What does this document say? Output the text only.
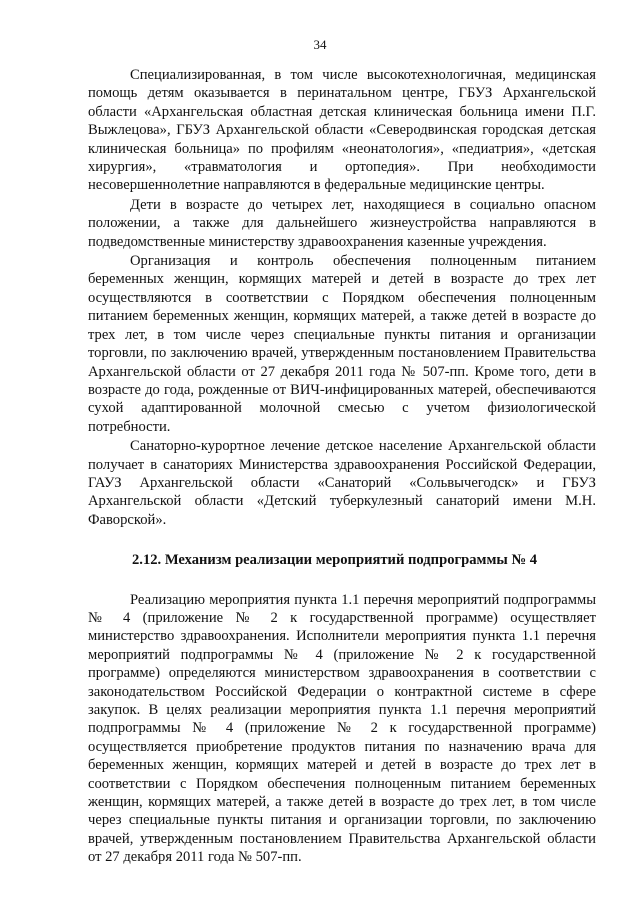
34

Специализированная, в том числе высокотехнологичная, медицинская помощь детям оказывается в перинатальном центре, ГБУЗ Архангельской области «Архангельская областная детская клиническая больница имени П.Г. Выжлецова», ГБУЗ Архангельской области «Северодвинская городская детская клиническая больница» по профилям «неонатология», «педиатрия», «детская хирургия», «травматология и ортопедия». При необходимости несовершеннолетние направляются в федеральные медицинские центры.

Дети в возрасте до четырех лет, находящиеся в социально опасном положении, а также для дальнейшего жизнеустройства направляются в подведомственные министерству здравоохранения казенные учреждения.

Организация и контроль обеспечения полноценным питанием беременных женщин, кормящих матерей и детей в возрасте до трех лет осуществляются в соответствии с Порядком обеспечения полноценным питанием беременных женщин, кормящих матерей, а также детей в возрасте до трех лет, в том числе через специальные пункты питания и организации торговли, по заключению врачей, утвержденным постановлением Правительства Архангельской области от 27 декабря 2011 года № 507-пп. Кроме того, дети в возрасте до года, рожденные от ВИЧ-инфицированных матерей, обеспечиваются сухой адаптированной молочной смесью с учетом физиологической потребности.

Санаторно-курортное лечение детское население Архангельской области получает в санаториях Министерства здравоохранения Российской Федерации, ГАУЗ Архангельской области «Санаторий «Сольвычегодск» и ГБУЗ Архангельской области «Детский туберкулезный санаторий имени М.Н. Фаворской».

2.12. Механизм реализации мероприятий подпрограммы № 4

Реализацию мероприятия пункта 1.1 перечня мероприятий подпрограммы № 4 (приложение № 2 к государственной программе) осуществляет министерство здравоохранения. Исполнители мероприятия пункта 1.1 перечня мероприятий подпрограммы № 4 (приложение № 2 к государственной программе) определяются министерством здравоохранения в соответствии с законодательством Российской Федерации о контрактной системе в сфере закупок. В целях реализации мероприятия пункта 1.1 перечня мероприятий подпрограммы № 4 (приложение № 2 к государственной программе) осуществляется приобретение продуктов питания по назначению врача для беременных женщин, кормящих матерей и детей в возрасте до трех лет в соответствии с Порядком обеспечения полноценным питанием беременных женщин, кормящих матерей, а также детей в возрасте до трех лет, в том числе через специальные пункты питания и организации торговли, по заключению врачей, утвержденным постановлением Правительства Архангельской области от 27 декабря 2011 года № 507-пп.
